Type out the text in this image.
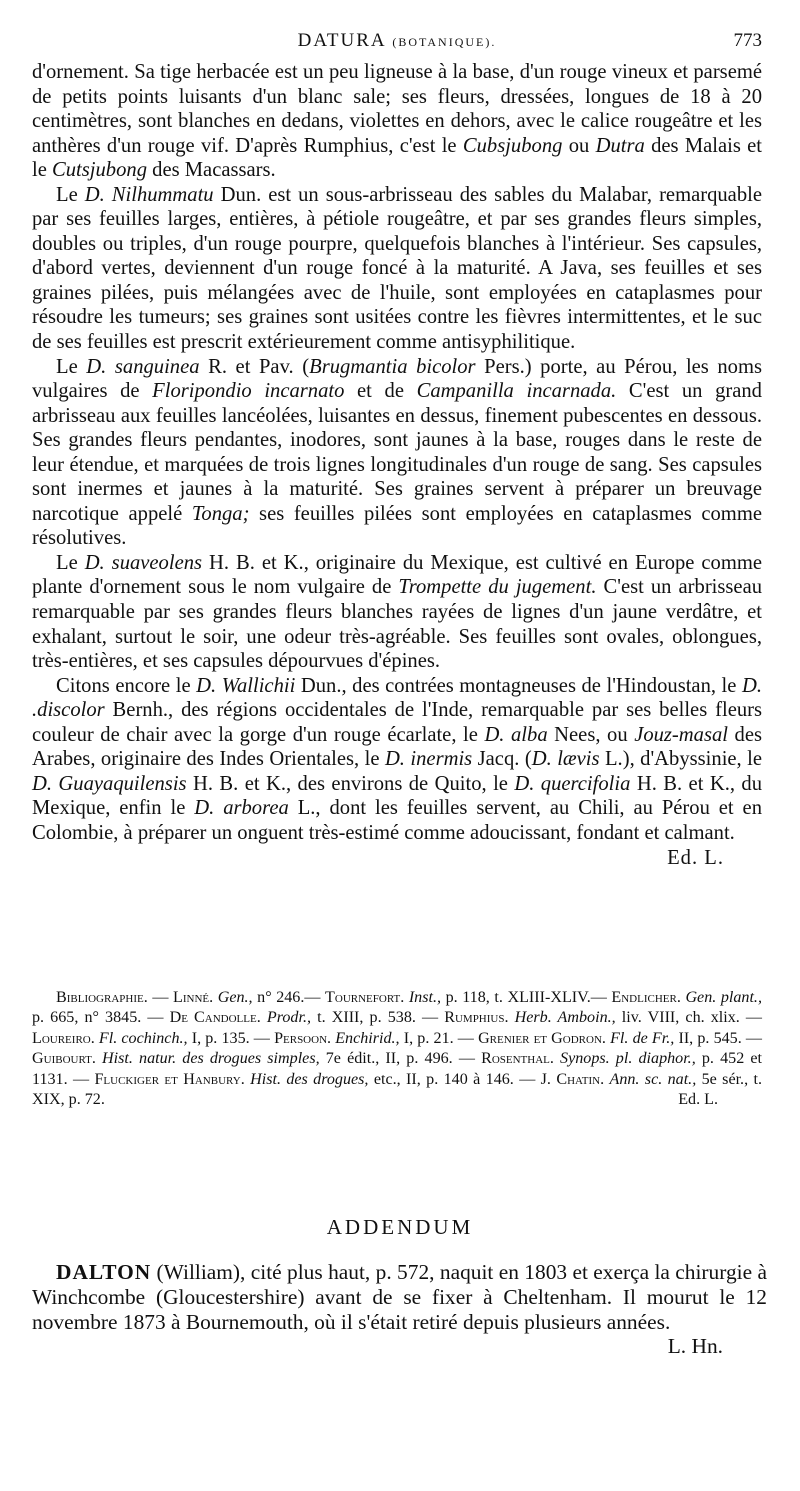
DATURA (BOTANIQUE).	773

d'ornement. Sa tige herbacée est un peu ligneuse à la base, d'un rouge vineux et parsemé de petits points luisants d'un blanc sale; ses fleurs, dressées, longues de 18 à 20 centimètres, sont blanches en dedans, violettes en dehors, avec le calice rougeâtre et les anthères d'un rouge vif. D'après Rumphius, c'est le Cubsjubong ou Dutra des Malais et le Cutsjubong des Macassars.

Le D. Nilhummatu Dun. est un sous-arbrisseau des sables du Malabar, remarquable par ses feuilles larges, entières, à pétiole rougeâtre, et par ses grandes fleurs simples, doubles ou triples, d'un rouge pourpre, quelquefois blanches à l'intérieur. Ses capsules, d'abord vertes, deviennent d'un rouge foncé à la maturité. A Java, ses feuilles et ses graines pilées, puis mélangées avec de l'huile, sont employées en cataplasmes pour résoudre les tumeurs; ses graines sont usitées contre les fièvres intermittentes, et le suc de ses feuilles est prescrit extérieurement comme antisyphilitique.

Le D. sanguinea R. et Pav. (Brugmantia bicolor Pers.) porte, au Pérou, les noms vulgaires de Floripondio incarnato et de Campanilla incarnada. C'est un grand arbrisseau aux feuilles lancéolées, luisantes en dessus, finement pubescentes en dessous. Ses grandes fleurs pendantes, inodores, sont jaunes à la base, rouges dans le reste de leur étendue, et marquées de trois lignes longitudinales d'un rouge de sang. Ses capsules sont inermes et jaunes à la maturité. Ses graines servent à préparer un breuvage narcotique appelé Tonga; ses feuilles pilées sont employées en cataplasmes comme résolutives.

Le D. suaveolens H. B. et K., originaire du Mexique, est cultivé en Europe comme plante d'ornement sous le nom vulgaire de Trompette du jugement. C'est un arbrisseau remarquable par ses grandes fleurs blanches rayées de lignes d'un jaune verdâtre, et exhalant, surtout le soir, une odeur très-agréable. Ses feuilles sont ovales, oblongues, très-entières, et ses capsules dépourvues d'épines.

Citons encore le D. Wallichii Dun., des contrées montagneuses de l'Hindoustan, le D. .discolor Bernh., des régions occidentales de l'Inde, remarquable par ses belles fleurs couleur de chair avec la gorge d'un rouge écarlate, le D. alba Nees, ou Jouz-masal des Arabes, originaire des Indes Orientales, le D. inermis Jacq. (D. lævis L.), d'Abyssinie, le D. Guayaquilensis H. B. et K., des environs de Quito, le D. quercifolia H. B. et K., du Mexique, enfin le D. arborea L., dont les feuilles servent, au Chili, au Pérou et en Colombie, à préparer un onguent très-estimé comme adoucissant, fondant et calmant.
Ed. L.

Bibliographie. — Linné. Gen., n° 246.— Tournefort. Inst., p. 118, t. XLIII-XLIV.— Endlicher. Gen. plant., p. 665, n° 3845. — De Candolle. Prodr., t. XIII, p. 538. — Rumphius. Herb. Amboin., liv. VIII, ch. xlix. — Loureiro. Fl. cochinch., I, p. 135. — Persoon. Enchirid., I, p. 21. — Grenier et Godron. Fl. de Fr., II, p. 545. — Guibourt. Hist. natur. des drogues simples, 7e édit., II, p. 496. — Rosenthal. Synops. pl. diaphor., p. 452 et 1131. — Fluckiger et Hanbury. Hist. des drogues, etc., II, p. 140 à 146. — J. Chatin. Ann. sc. nat., 5e sér., t. XIX, p. 72.	Ed. L.

ADDENDUM

DALTON (William), cité plus haut, p. 572, naquit en 1803 et exerça la chirurgie à Winchcombe (Gloucestershire) avant de se fixer à Cheltenham. Il mourut le 12 novembre 1873 à Bournemouth, où il s'était retiré depuis plusieurs années.
L. Hn.
